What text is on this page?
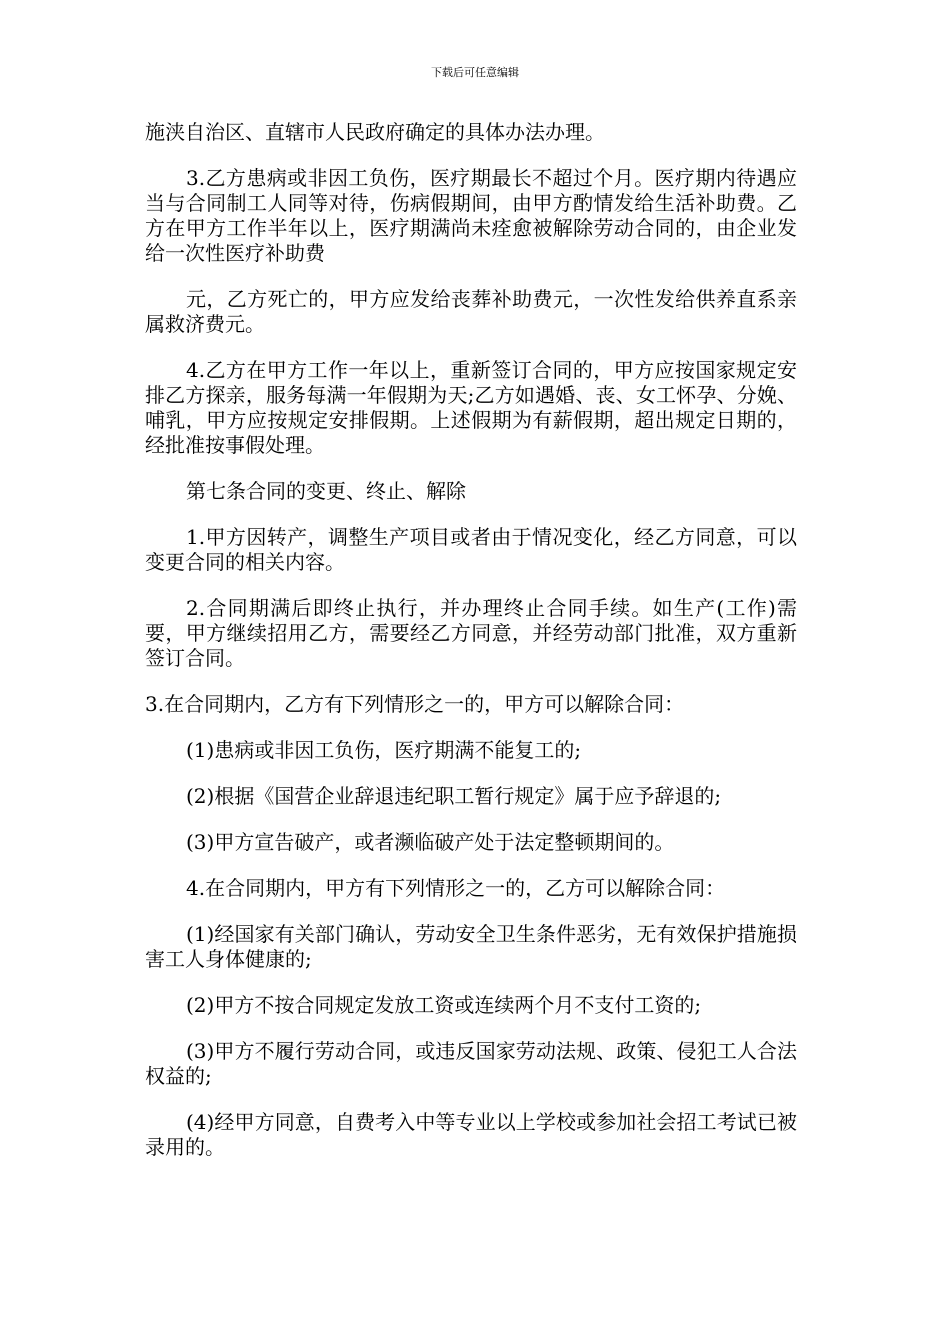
下载后可任意编辑

施浃自治区、直辖市人民政府确定的具体办法办理。

3.乙方患病或非因工负伤，医疗期最长不超过个月。医疗期内待遇应当与合同制工人同等对待，伤病假期间，由甲方酌情发给生活补助费。乙方在甲方工作半年以上，医疗期满尚未痊愈被解除劳动合同的，由企业发给一次性医疗补助费

元，乙方死亡的，甲方应发给丧葬补助费元，一次性发给供养直系亲属救济费元。

4.乙方在甲方工作一年以上，重新签订合同的，甲方应按国家规定安排乙方探亲，服务每满一年假期为天;乙方如遇婚、丧、女工怀孕、分娩、哺乳，甲方应按规定安排假期。上述假期为有薪假期，超出规定日期的，经批准按事假处理。

第七条合同的变更、终止、解除

1.甲方因转产，调整生产项目或者由于情况变化，经乙方同意，可以变更合同的相关内容。

2.合同期满后即终止执行，并办理终止合同手续。如生产(工作)需要，甲方继续招用乙方，需要经乙方同意，并经劳动部门批准，双方重新签订合同。

3.在合同期内，乙方有下列情形之一的，甲方可以解除合同：

(1)患病或非因工负伤，医疗期满不能复工的;

(2)根据《国营企业辞退违纪职工暂行规定》属于应予辞退的;

(3)甲方宣告破产，或者濒临破产处于法定整顿期间的。

4.在合同期内，甲方有下列情形之一的，乙方可以解除合同：

(1)经国家有关部门确认，劳动安全卫生条件恶劣，无有效保护措施损害工人身体健康的;

(2)甲方不按合同规定发放工资或连续两个月不支付工资的;

(3)甲方不履行劳动合同，或违反国家劳动法规、政策、侵犯工人合法权益的;

(4)经甲方同意，自费考入中等专业以上学校或参加社会招工考试已被录用的。
